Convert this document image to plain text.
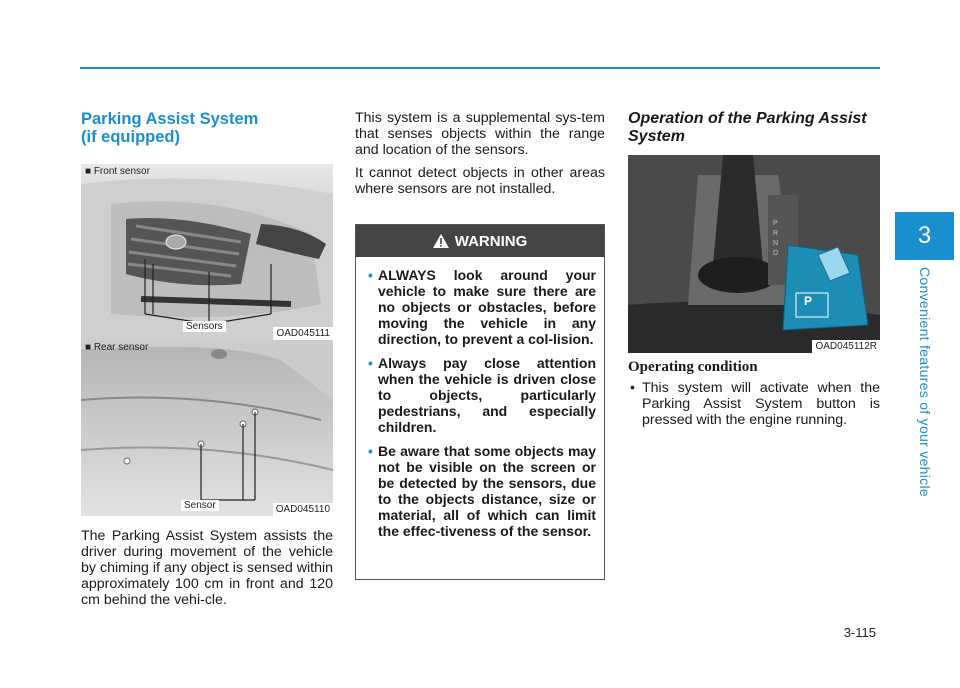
3
Convenient features of your vehicle

Parking Assist System
(if equipped)

■ Front sensor
Sensors
OAD045111
■ Rear sensor
Sensor	OAD045110

The Parking Assist System assists the driver during movement of the vehicle by chiming if any object is sensed within approximately 100 cm in front and 120 cm behind the vehi-cle.

This system is a supplemental sys-tem that senses objects within the range and location of the sensors.

It cannot detect objects in other areas where sensors are not installed.

WARNING
• ALWAYS look around your vehicle to make sure there are no objects or obstacles, before moving the vehicle in any direction, to prevent a col-lision.
• Always pay close attention when the vehicle is driven close to objects, particularly pedestrians, and especially children.
• Be aware that some objects may not be visible on the screen or be detected by the sensors, due to the objects distance, size or material, all of which can limit the effec-tiveness of the sensor.

Operation of the Parking Assist
System

P
R
N
D
P
OAD045112R

Operating condition

• This system will activate when the Parking Assist System button is pressed with the engine running.

3-115
